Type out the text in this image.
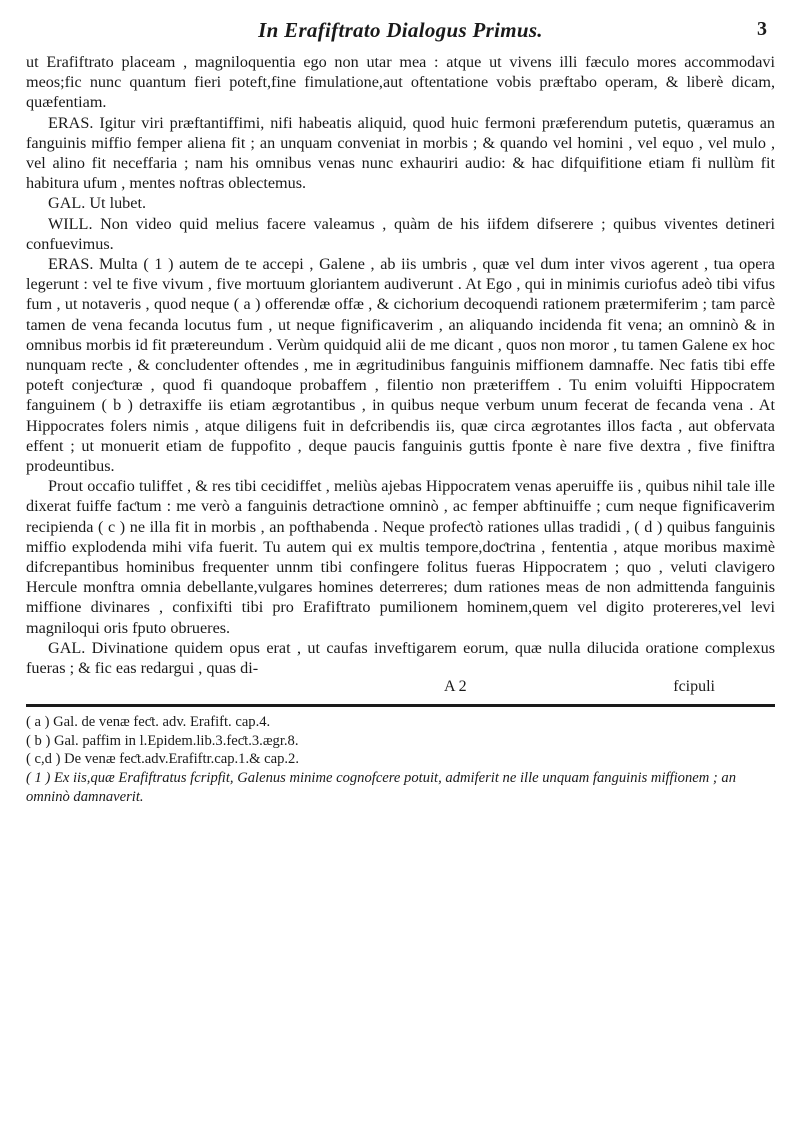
In Erafiftrato Dialogus Primus.	3

ut Erafiftrato placeam , magniloquentia ego non utar mea : atque ut vivens illi fæculo mores accommodavi meos;fic nunc quantum fieri poteft,fine fimulatione,aut oftentatione vobis præftabo operam, & liberè dicam, quæfentiam.

ERAS. Igitur viri præftantiffimi, nifi habeatis aliquid, quod huic fermoni præferendum putetis, quæramus an fanguinis miffio femper aliena fit ; an unquam conveniat in morbis ; & quando vel homini , vel equo , vel mulo , vel alino fit neceffaria ; nam his omnibus venas nunc exhauriri audio: & hac difquifitione etiam fi nullùm fit habitura ufum , mentes noftras oblectemus.

GAL. Ut lubet.

WILL. Non video quid melius facere valeamus , quàm de his iifdem difserere ; quibus viventes detineri confuevimus.

ERAS. Multa ( 1 ) autem de te accepi , Galene , ab iis umbris , quæ vel dum inter vivos agerent , tua opera legerunt : vel te five vivum , five mortuum gloriantem audiverunt . At Ego , qui in minimis curiofus adeò tibi vifus fum , ut notaveris , quod neque ( a ) offerendæ offæ , & cichorium decoquendi rationem prætermiferim ; tam parcè tamen de vena fecanda locutus fum , ut neque fignificaverim , an aliquando incidenda fit vena; an omninò & in omnibus morbis id fit prætereundum . Verùm quidquid alii de me dicant , quos non moror , tu tamen Galene ex hoc nunquam reƈte , & concludenter oftendes , me in ægritudinibus fanguinis miffionem damnaffe. Nec fatis tibi effe poteft conjeƈturæ , quod fi quandoque probaffem , filentio non præteriffem . Tu enim voluifti Hippocratem fanguinem ( b ) detraxiffe iis etiam ægrotantibus , in quibus neque verbum unum fecerat de fecanda vena . At Hippocrates folers nimis , atque diligens fuit in defcribendis iis, quæ circa ægrotantes illos faƈta , aut obfervata effent ; ut monuerit etiam de fuppofito , deque paucis fanguinis guttis fponte è nare five dextra , five finiftra prodeuntibus.

Prout occafio tuliffet , & res tibi cecidiffet , meliùs ajebas Hippocratem venas aperuiffe iis , quibus nihil tale ille dixerat fuiffe faƈtum : me verò a fanguinis detraƈtione omninò , ac femper abftinuiffe ; cum neque fignificaverim recipienda ( c ) ne illa fit in morbis , an pofthabenda . Neque profeƈtò rationes ullas tradidi , ( d ) quibus fanguinis miffio explodenda mihi vifa fuerit. Tu autem qui ex multis tempore,doƈtrina , fententia , atque moribus maximè difcrepantibus hominibus frequenter unnm tibi confingere folitus fueras Hippocratem ; quo , veluti clavigero Hercule monftra omnia debellante,vulgares homines deterreres; dum rationes meas de non admittenda fanguinis miffione divinares , confixifti tibi pro Erafiftrato pumilionem hominem,quem vel digito protereres,vel levi magniloqui oris fputo obrueres.

GAL. Divinatione quidem opus erat , ut caufas inveftigarem eorum, quæ nulla dilucida oratione complexus fueras ; & fic eas redargui , quas di-

A 2	fcipuli

( a ) Gal. de venæ feƈt. adv. Erafift. cap.4.

( b ) Gal. paffim in l.Epidem.lib.3.feƈt.3.ægr.8.

( c,d ) De venæ feƈt.adv.Erafiftr.cap.1.& cap.2.

( 1 ) Ex iis,quæ Erafiftratus fcripfit, Galenus minime cognofcere potuit, admiferit ne ille unquam fanguinis miffionem ; an omninò damnaverit.
